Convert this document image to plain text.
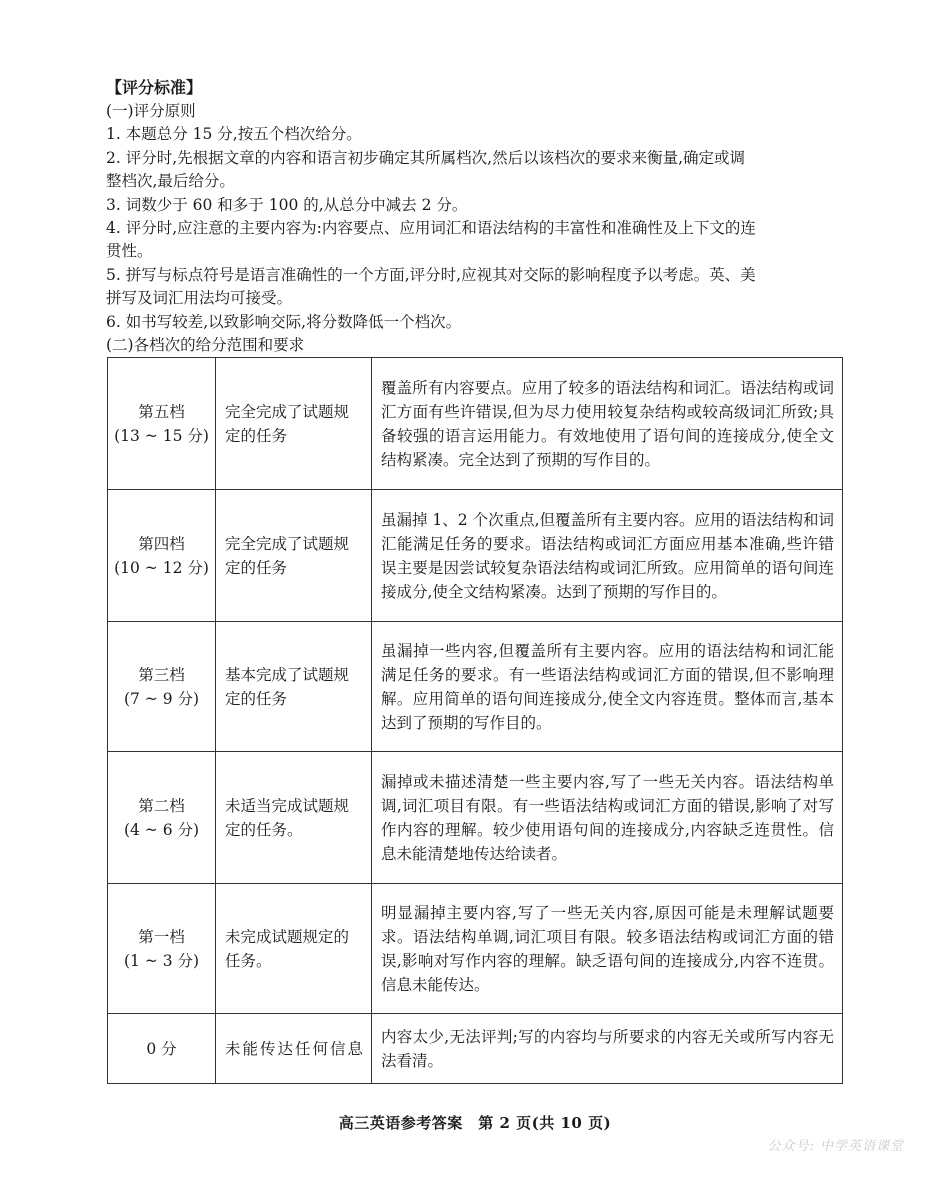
【评分标准】
(一)评分原则
1. 本题总分 15 分,按五个档次给分。
2. 评分时,先根据文章的内容和语言初步确定其所属档次,然后以该档次的要求来衡量,确定或调
整档次,最后给分。
3. 词数少于 60 和多于 100 的,从总分中减去 2 分。
4. 评分时,应注意的主要内容为:内容要点、应用词汇和语法结构的丰富性和准确性及上下文的连
贯性。
5. 拼写与标点符号是语言准确性的一个方面,评分时,应视其对交际的影响程度予以考虑。英、美
拼写及词汇用法均可接受。
6. 如书写较差,以致影响交际,将分数降低一个档次。
(二)各档次的给分范围和要求
第五档
(13 ~ 15 分)	完全完成了试题规定的任务	覆盖所有内容要点。应用了较多的语法结构和词汇。语法结构或词汇方面有些许错误,但为尽力使用较复杂结构或较高级词汇所致;具备较强的语言运用能力。有效地使用了语句间的连接成分,使全文结构紧凑。完全达到了预期的写作目的。

第四档
(10 ~ 12 分)	完全完成了试题规定的任务	虽漏掉 1、2 个次重点,但覆盖所有主要内容。应用的语法结构和词汇能满足任务的要求。语法结构或词汇方面应用基本准确,些许错误主要是因尝试较复杂语法结构或词汇所致。应用简单的语句间连接成分,使全文结构紧凑。达到了预期的写作目的。

第三档
(7 ~ 9 分)	基本完成了试题规定的任务	虽漏掉一些内容,但覆盖所有主要内容。应用的语法结构和词汇能满足任务的要求。有一些语法结构或词汇方面的错误,但不影响理解。应用简单的语句间连接成分,使全文内容连贯。整体而言,基本达到了预期的写作目的。

第二档
(4 ~ 6 分)	未适当完成试题规定的任务。	漏掉或未描述清楚一些主要内容,写了一些无关内容。语法结构单调,词汇项目有限。有一些语法结构或词汇方面的错误,影响了对写作内容的理解。较少使用语句间的连接成分,内容缺乏连贯性。信息未能清楚地传达给读者。

第一档
(1 ~ 3 分)	未完成试题规定的任务。	明显漏掉主要内容,写了一些无关内容,原因可能是未理解试题要求。语法结构单调,词汇项目有限。较多语法结构或词汇方面的错误,影响对写作内容的理解。缺乏语句间的连接成分,内容不连贯。信息未能传达。

0 分	未能传达任何信息	内容太少,无法评判;写的内容均与所要求的内容无关或所写内容无法看清。
高三英语参考答案　第 2 页(共 10 页)
公众号: 中学英语课堂
